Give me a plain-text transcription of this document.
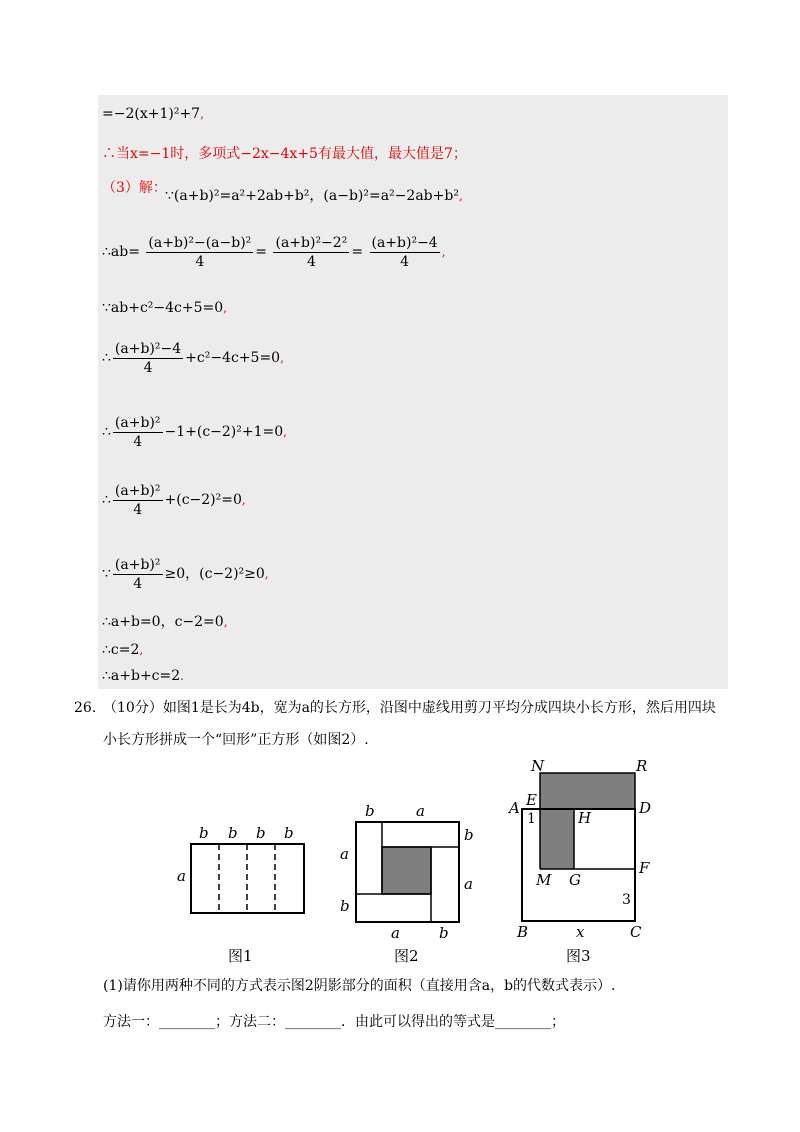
=−2(x+1)²+7,
∴当x=−1时，多项式−2x−4x+5有最大值，最大值是7；
（3）解：
∵(a+b)²=a²+2ab+b²，(a−b)²=a²−2ab+b²,
∴ab= $\frac{\text{(a+b)²−(a−b)²}}{4} = \frac{\text{(a+b)²−2²}}{4} = \frac{\text{(a+b)²−4}}{4}$ ,
∵ab+c²−4c+5=0,
∴ $\frac{\text{(a+b)²−4}}{4} +c^2-4c+5=0$,
∴ $\frac{\text{(a+b)²}}{4} -1+(c-2)^2+1=0$,
∴ $\frac{\text{(a+b)²}}{4} +(c-2)^2=0$,
∵ $\frac{\text{(a+b)²}}{4} \ge 0$，(c−2)²≥0,
∴a+b=0，c−2=0,
∴c=2,
∴a+b+c=2.
26. （10分）如图1是长为4b，宽为a的长方形，沿图中虚线用剪刀平均分成四块小长方形，然后用四块
小长方形拼成一个“回形”正方形（如图2）.
b b b b
a
图1
b	a
b
a
a
b
a	b
图2
N	R
A E	D
H
F
M G
B	C
1
3
x
图3
(1)请你用两种不同的方式表示图2阴影部分的面积（直接用含a，b的代数式表示）.
方法一：________；方法二：________．由此可以得出的等式是________；
